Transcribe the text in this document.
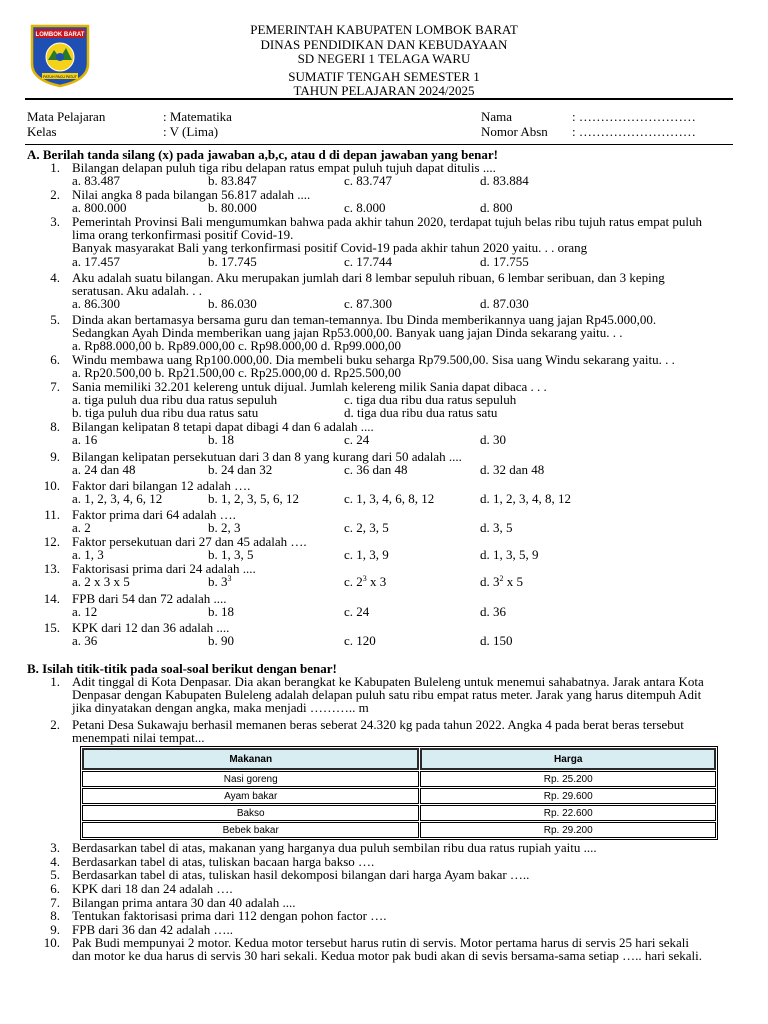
LOMBOK BARAT
PATUH PACU PATUT
PEMERINTAH KABUPATEN LOMBOK BARAT
DINAS PENDIDIKAN DAN KEBUDAYAAN
SD NEGERI 1 TELAGA WARU
SUMATIF TENGAH SEMESTER 1
TAHUN PELAJARAN 2024/2025
Mata Pelajaran	: Matematika
Kelas	: V (Lima)
Nama	: ………………………
Nomor Absn : ………………………
A. Berilah tanda silang (x) pada jawaban a,b,c, atau d di depan jawaban yang benar!
1. Bilangan delapan puluh tiga ribu delapan ratus empat puluh tujuh dapat ditulis ....
a. 83.487	b. 83.847	c. 83.747	d. 83.884
2. Nilai angka 8 pada bilangan 56.817 adalah ....
a. 800.000	b. 80.000	c. 8.000	d. 800
3. Pemerintah Provinsi Bali mengumumkan bahwa pada akhir tahun 2020, terdapat tujuh belas ribu tujuh ratus empat puluh
lima orang terkonfirmasi positif Covid-19.
Banyak masyarakat Bali yang terkonfirmasi positif Covid-19 pada akhir tahun 2020 yaitu. . . orang
a. 17.457	b. 17.745	c. 17.744	d. 17.755
4. Aku adalah suatu bilangan. Aku merupakan jumlah dari 8 lembar sepuluh ribuan, 6 lembar seribuan, dan 3 keping
seratusan. Aku adalah. . .
a. 86.300	b. 86.030	c. 87.300	d. 87.030
5. Dinda akan bertamasya bersama guru dan teman-temannya. Ibu Dinda memberikannya uang jajan Rp45.000,00.
Sedangkan Ayah Dinda memberikan uang jajan Rp53.000,00. Banyak uang jajan Dinda sekarang yaitu. . .
a. Rp88.000,00 b. Rp89.000,00 c. Rp98.000,00 d. Rp99.000,00
6. Windu membawa uang Rp100.000,00. Dia membeli buku seharga Rp79.500,00. Sisa uang Windu sekarang yaitu. . .
a. Rp20.500,00 b. Rp21.500,00 c. Rp25.000,00 d. Rp25.500,00
7. Sania memiliki 32.201 kelereng untuk dijual. Jumlah kelereng milik Sania dapat dibaca . . .
a. tiga puluh dua ribu dua ratus sepuluh	c. tiga dua ribu dua ratus sepuluh
b. tiga puluh dua ribu dua ratus satu	d. tiga dua ribu dua ratus satu
8. Bilangan kelipatan 8 tetapi dapat dibagi 4 dan 6 adalah ....
a. 16	b. 18	c. 24	d. 30
9. Bilangan kelipatan persekutuan dari 3 dan 8 yang kurang dari 50 adalah ....
a. 24 dan 48	b. 24 dan 32	c. 36 dan 48	d. 32 dan 48
10. Faktor dari bilangan 12 adalah ….
a. 1, 2, 3, 4, 6, 12	b. 1, 2, 3, 5, 6, 12	c. 1, 3, 4, 6, 8, 12	d. 1, 2, 3, 4, 8, 12
11. Faktor prima dari 64 adalah ….
a. 2	b. 2, 3	c. 2, 3, 5	d. 3, 5
12. Faktor persekutuan dari 27 dan 45 adalah ….
a. 1, 3	b. 1, 3, 5	c. 1, 3, 9	d. 1, 3, 5, 9
13. Faktorisasi prima dari 24 adalah ....
a. 2 x 3 x 5	b. $3^3$	c. $2^3$ x 3	d. $3^2$ x 5
14. FPB dari 54 dan 72 adalah ....
a. 12	b. 18	c. 24	d. 36
15. KPK dari 12 dan 36 adalah ....
a. 36	b. 90	c. 120	d. 150
B. Isilah titik-titik pada soal-soal berikut dengan benar!
1. Adit tinggal di Kota Denpasar. Dia akan berangkat ke Kabupaten Buleleng untuk menemui sahabatnya. Jarak antara Kota
Denpasar dengan Kabupaten Buleleng adalah delapan puluh satu ribu empat ratus meter. Jarak yang harus ditempuh Adit
jika dinyatakan dengan angka, maka menjadi ……….. m
2. Petani Desa Sukawaju berhasil memanen beras seberat 24.320 kg pada tahun 2022. Angka 4 pada berat beras tersebut
menempati nilai tempat...
Makanan	Harga
Nasi goreng	Rp. 25.200
Ayam bakar	Rp. 29.600
Bakso	Rp. 22.600
Bebek bakar	Rp. 29.200
3. Berdasarkan tabel di atas, makanan yang harganya dua puluh sembilan ribu dua ratus rupiah yaitu ....
4. Berdasarkan tabel di atas, tuliskan bacaan harga bakso ….
5. Berdasarkan tabel di atas, tuliskan hasil dekomposi bilangan dari harga Ayam bakar …..
6. KPK dari 18 dan 24 adalah ….
7. Bilangan prima antara 30 dan 40 adalah ....
8. Tentukan faktorisasi prima dari 112 dengan pohon factor ….
9. FPB dari 36 dan 42 adalah …..
10. Pak Budi mempunyai 2 motor. Kedua motor tersebut harus rutin di servis. Motor pertama harus di servis 25 hari sekali
dan motor ke dua harus di servis 30 hari sekali. Kedua motor pak budi akan di sevis bersama-sama setiap ….. hari sekali.
